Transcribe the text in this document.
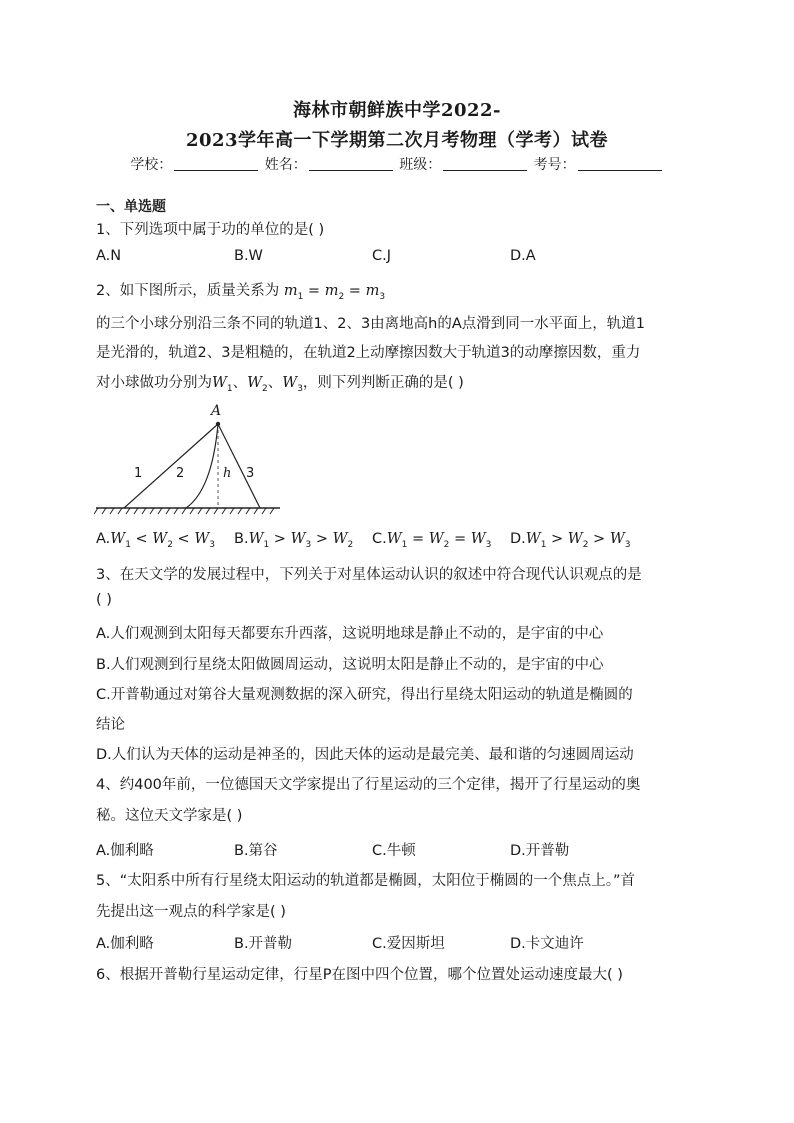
海林市朝鲜族中学2022-
2023学年高一下学期第二次月考物理（学考）试卷
学校：	姓名：	班级：	考号：
一、单选题
1、下列选项中属于功的单位的是( )
A.N	B.W	C.J	D.A
2、如下图所示，质量关系为 $m_1 = m_2 = m_3$
的三个小球分别沿三条不同的轨道1、2、3由离地高h的A点滑到同一水平面上，轨道1
是光滑的，轨道2、3是粗糙的，在轨道2上动摩擦因数大于轨道3的动摩擦因数，重力
对小球做功分别为$W_1$、$W_2$、$W_3$，则下列判断正确的是( )
A
h
1	2	3
$A.W_1 < W_2 < W_3$ $B.W_1 > W_3 > W_2$ $C.W_1 = W_2 = W_3$ $D.W_1 > W_2 > W_3$
3、在天文学的发展过程中，下列关于对星体运动认识的叙述中符合现代认识观点的是
( )
A.人们观测到太阳每天都要东升西落，这说明地球是静止不动的，是宇宙的中心
B.人们观测到行星绕太阳做圆周运动，这说明太阳是静止不动的，是宇宙的中心
C.开普勒通过对第谷大量观测数据的深入研究，得出行星绕太阳运动的轨道是椭圆的
结论
D.人们认为天体的运动是神圣的，因此天体的运动是最完美、最和谐的匀速圆周运动
4、约400年前，一位德国天文学家提出了行星运动的三个定律，揭开了行星运动的奥
秘。这位天文学家是( )
A.伽利略	B.第谷	C.牛顿	D.开普勒
5、“太阳系中所有行星绕太阳运动的轨道都是椭圆，太阳位于椭圆的一个焦点上。”首
先提出这一观点的科学家是( )
A.伽利略	B.开普勒	C.爱因斯坦	D.卡文迪许
6、根据开普勒行星运动定律，行星P在图中四个位置，哪个位置处运动速度最大( )
